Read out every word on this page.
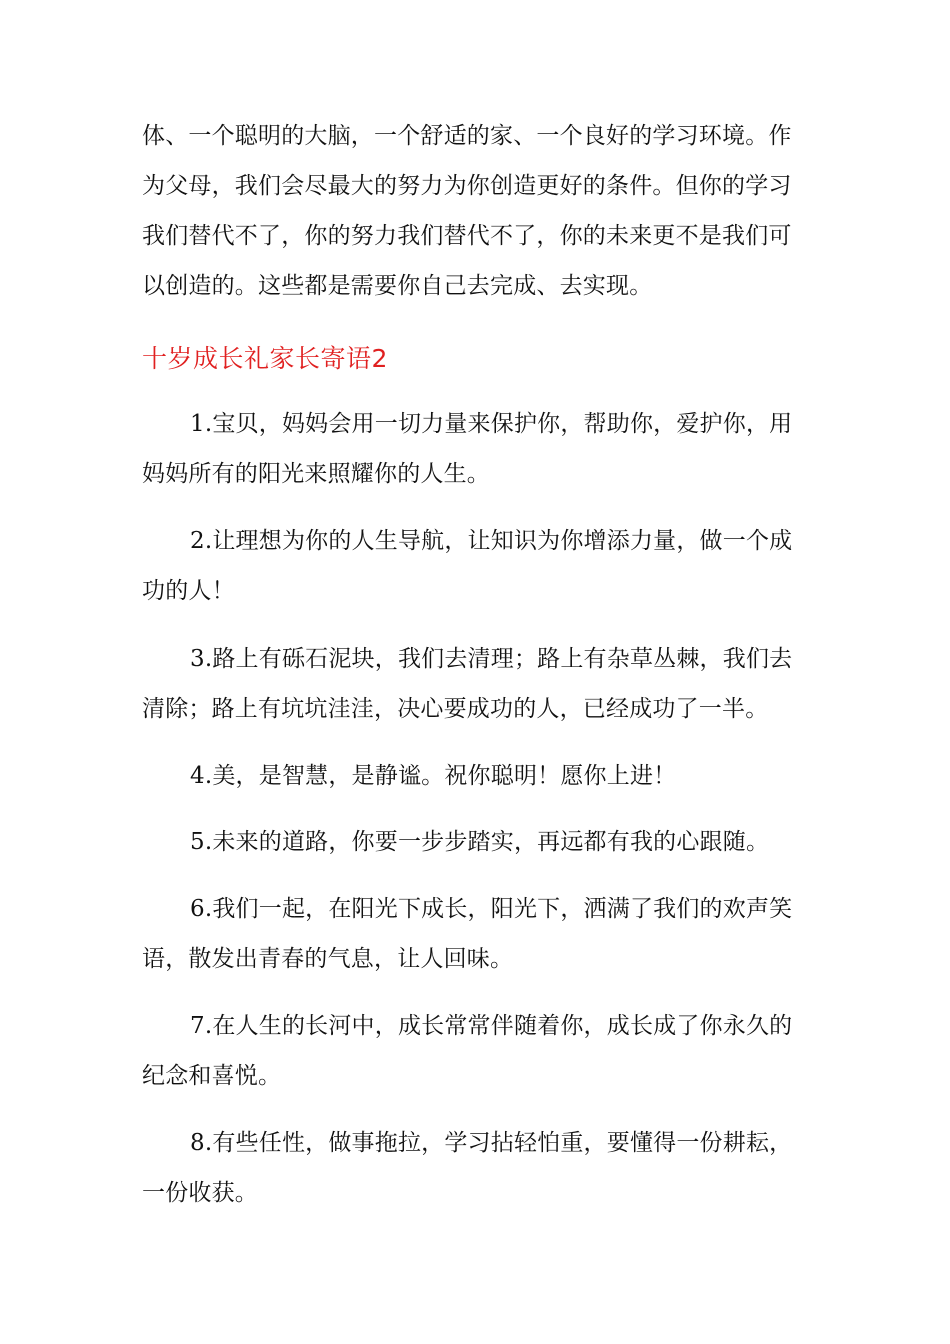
体、一个聪明的大脑，一个舒适的家、一个良好的学习环境。作
为父母，我们会尽最大的努力为你创造更好的条件。但你的学习
我们替代不了，你的努力我们替代不了，你的未来更不是我们可
以创造的。这些都是需要你自己去完成、去实现。
十岁成长礼家长寄语2
1.宝贝，妈妈会用一切力量来保护你，帮助你，爱护你，用
妈妈所有的阳光来照耀你的人生。
2.让理想为你的人生导航，让知识为你增添力量，做一个成
功的人！
3.路上有砾石泥块，我们去清理；路上有杂草丛棘，我们去
清除；路上有坑坑洼洼，决心要成功的人，已经成功了一半。
4.美，是智慧，是静谧。祝你聪明！愿你上进！
5.未来的道路，你要一步步踏实，再远都有我的心跟随。
6.我们一起，在阳光下成长，阳光下，洒满了我们的欢声笑
语，散发出青春的气息，让人回味。
7.在人生的长河中，成长常常伴随着你，成长成了你永久的
纪念和喜悦。
8.有些任性，做事拖拉，学习拈轻怕重，要懂得一份耕耘，
一份收获。
